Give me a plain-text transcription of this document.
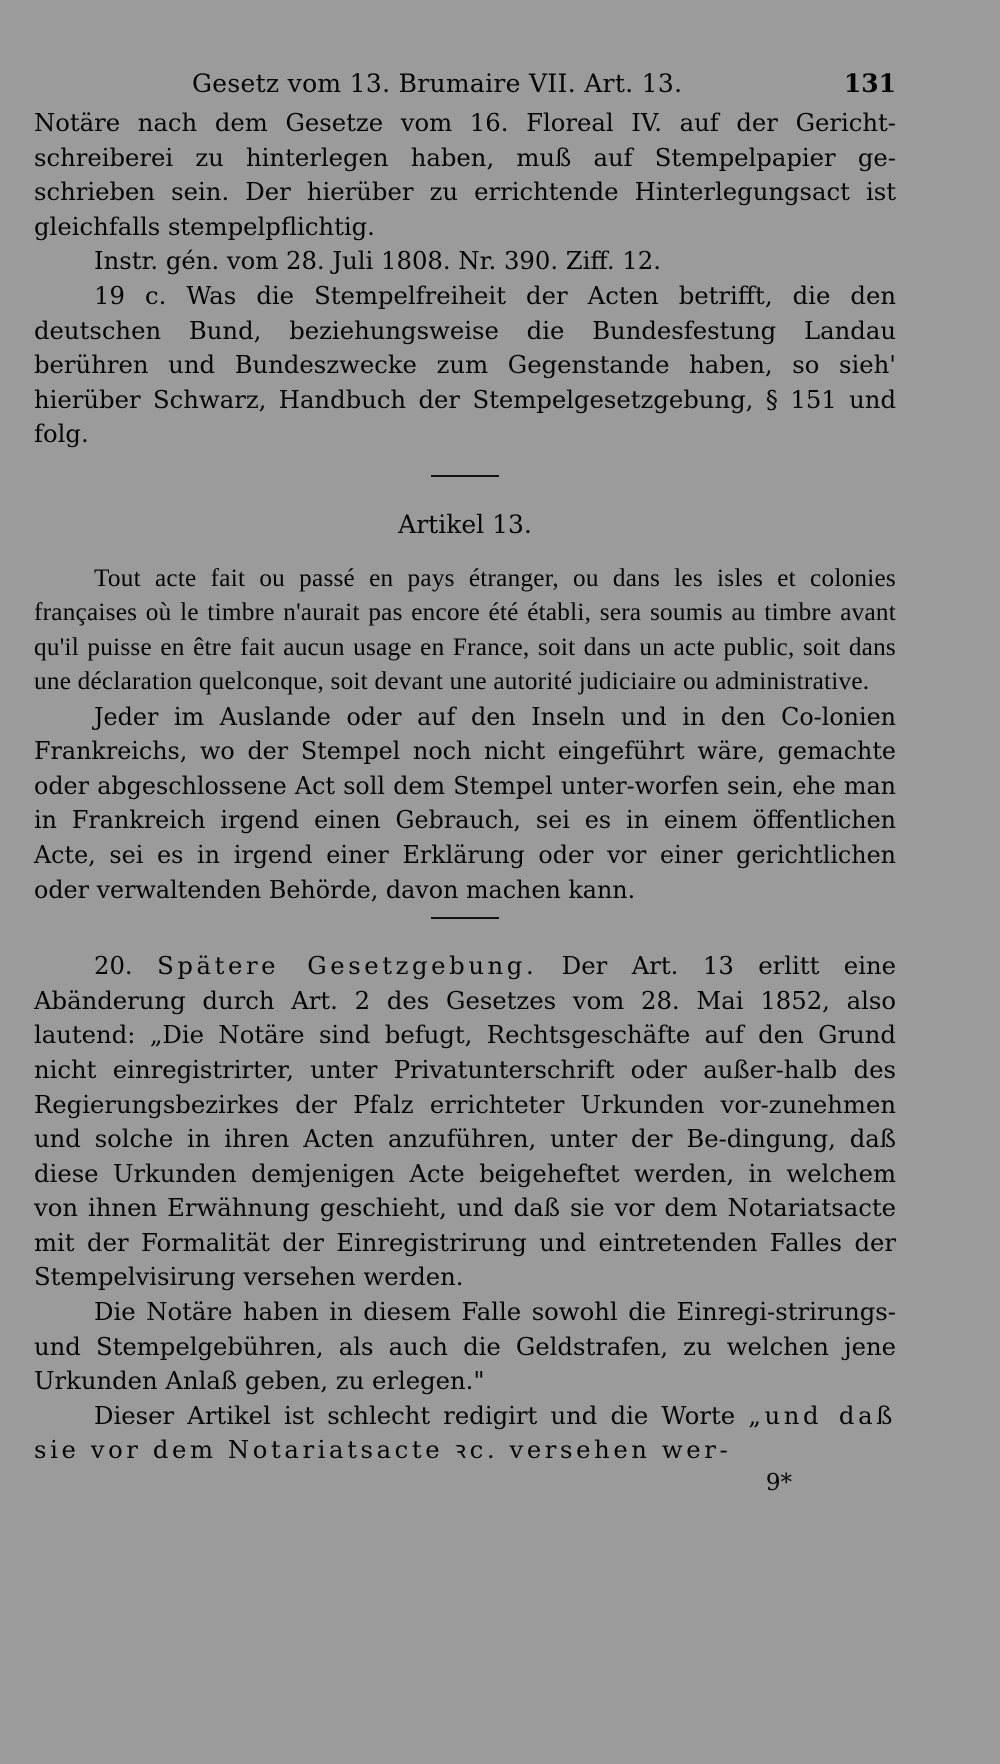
Gesetz vom 13. Brumaire VII. Art. 13.	131

Notäre nach dem Gesetze vom 16. Floreal IV. auf der Gericht-schreiberei zu hinterlegen haben, muß auf Stempelpapier ge-schrieben sein. Der hierüber zu errichtende Hinterlegungsact ist gleichfalls stempelpflichtig.

Instr. gén. vom 28. Juli 1808. Nr. 390. Ziff. 12.

19 c. Was die Stempelfreiheit der Acten betrifft, die den deutschen Bund, beziehungsweise die Bundesfestung Landau berühren und Bundeszwecke zum Gegenstande haben, so sieh' hierüber Schwarz, Handbuch der Stempelgesetzgebung, § 151 und folg.

Artikel 13.

Tout acte fait ou passé en pays étranger, ou dans les isles et colonies françaises où le timbre n'aurait pas encore été établi, sera soumis au timbre avant qu'il puisse en être fait aucun usage en France, soit dans un acte public, soit dans une déclaration quelconque, soit devant une autorité judiciaire ou administrative.

Jeder im Auslande oder auf den Inseln und in den Co-lonien Frankreichs, wo der Stempel noch nicht eingeführt wäre, gemachte oder abgeschlossene Act soll dem Stempel unter-worfen sein, ehe man in Frankreich irgend einen Gebrauch, sei es in einem öffentlichen Acte, sei es in irgend einer Erklärung oder vor einer gerichtlichen oder verwaltenden Behörde, davon machen kann.

20. Spätere Gesetzgebung. Der Art. 13 erlitt eine Abänderung durch Art. 2 des Gesetzes vom 28. Mai 1852, also lautend: „Die Notäre sind befugt, Rechtsgeschäfte auf den Grund nicht einregistrirter, unter Privatunterschrift oder außer-halb des Regierungsbezirkes der Pfalz errichteter Urkunden vor-zunehmen und solche in ihren Acten anzuführen, unter der Be-dingung, daß diese Urkunden demjenigen Acte beigeheftet werden, in welchem von ihnen Erwähnung geschieht, und daß sie vor dem Notariatsacte mit der Formalität der Einregistrirung und eintretenden Falles der Stempelvisirung versehen werden.

Die Notäre haben in diesem Falle sowohl die Einregi-strirungs- und Stempelgebühren, als auch die Geldstrafen, zu welchen jene Urkunden Anlaß geben, zu erlegen."

Dieser Artikel ist schlecht redigirt und die Worte „und daß sie vor dem Notariatsacte ꝛc. versehen wer-

9*
